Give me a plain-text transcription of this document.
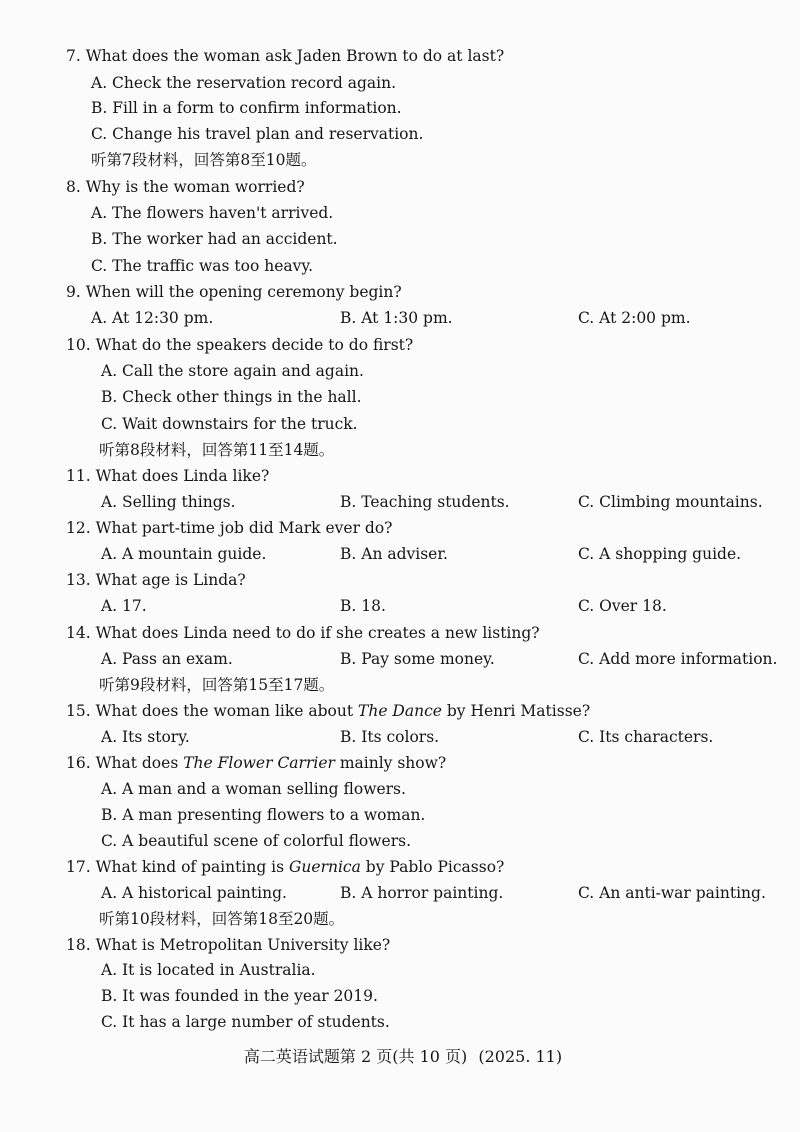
7. What does the woman ask Jaden Brown to do at last?
A. Check the reservation record again.
B. Fill in a form to confirm information.
C. Change his travel plan and reservation.
听第7段材料，回答第8至10题。
8. Why is the woman worried?
A. The flowers haven't arrived.
B. The worker had an accident.
C. The traffic was too heavy.
9. When will the opening ceremony begin?
A. At 12:30 pm.	B. At 1:30 pm.	C. At 2:00 pm.
10. What do the speakers decide to do first?
A. Call the store again and again.
B. Check other things in the hall.
C. Wait downstairs for the truck.
听第8段材料，回答第11至14题。
11. What does Linda like?
A. Selling things.	B. Teaching students.	C. Climbing mountains.
12. What part-time job did Mark ever do?
A. A mountain guide.	B. An adviser.	C. A shopping guide.
13. What age is Linda?
A. 17.	B. 18.	C. Over 18.
14. What does Linda need to do if she creates a new listing?
A. Pass an exam.	B. Pay some money.	C. Add more information.
听第9段材料，回答第15至17题。
15. What does the woman like about The Dance by Henri Matisse?
A. Its story.	B. Its colors.	C. Its characters.
16. What does The Flower Carrier mainly show?
A. A man and a woman selling flowers.
B. A man presenting flowers to a woman.
C. A beautiful scene of colorful flowers.
17. What kind of painting is Guernica by Pablo Picasso?
A. A historical painting.	B. A horror painting.	C. An anti-war painting.
听第10段材料，回答第18至20题。
18. What is Metropolitan University like?
A. It is located in Australia.
B. It was founded in the year 2019.
C. It has a large number of students.
高二英语试题第 2 页(共 10 页) (2025. 11)
